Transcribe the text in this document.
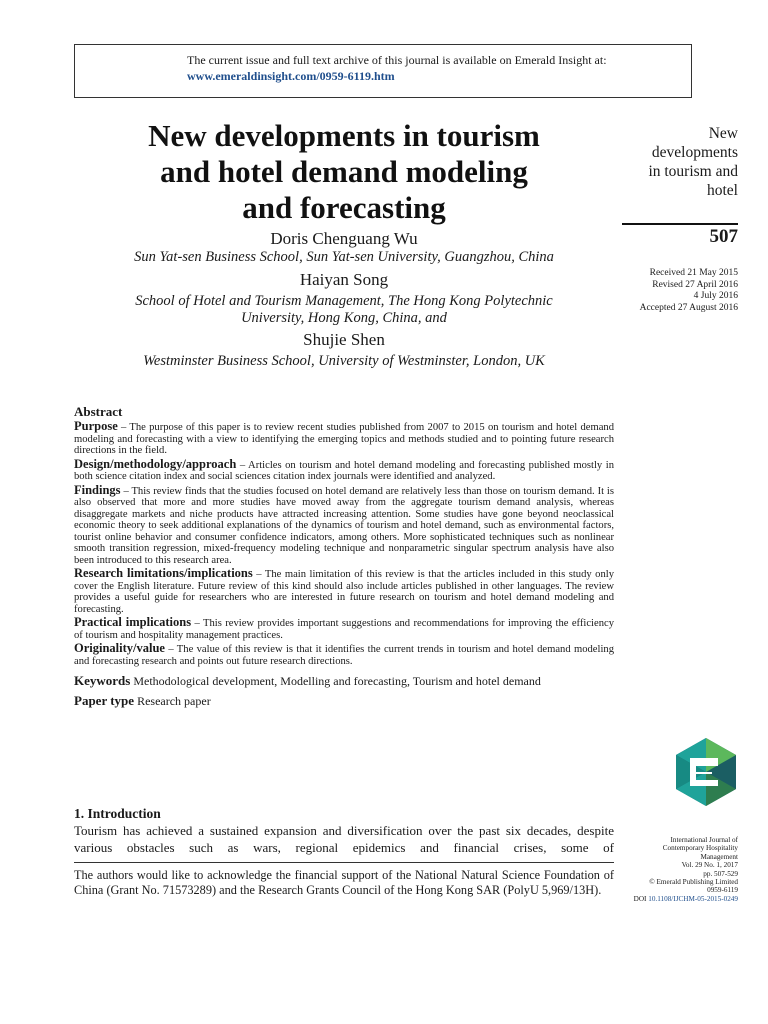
The current issue and full text archive of this journal is available on Emerald Insight at:
www.emeraldinsight.com/0959-6119.htm
New developments in tourism
and hotel demand modeling
and forecasting
Doris Chenguang Wu
Sun Yat-sen Business School, Sun Yat-sen University, Guangzhou, China
Haiyan Song
School of Hotel and Tourism Management, The Hong Kong Polytechnic
University, Hong Kong, China, and
Shujie Shen
Westminster Business School, University of Westminster, London, UK
New
developments
in tourism and
hotel
507
Received 21 May 2015
Revised 27 April 2016
4 July 2016
Accepted 27 August 2016
Abstract

Purpose – The purpose of this paper is to review recent studies published from 2007 to 2015 on tourism and hotel demand modeling and forecasting with a view to identifying the emerging topics and methods studied and to pointing future research directions in the field.

Design/methodology/approach – Articles on tourism and hotel demand modeling and forecasting published mostly in both science citation index and social sciences citation index journals were identified and analyzed.

Findings – This review finds that the studies focused on hotel demand are relatively less than those on tourism demand. It is also observed that more and more studies have moved away from the aggregate tourism demand analysis, whereas disaggregate markets and niche products have attracted increasing attention. Some studies have gone beyond neoclassical economic theory to seek additional explanations of the dynamics of tourism and hotel demand, such as environmental factors, tourist online behavior and consumer confidence indicators, among others. More sophisticated techniques such as nonlinear smooth transition regression, mixed-frequency modeling technique and nonparametric singular spectrum analysis have also been introduced to this research area.

Research limitations/implications – The main limitation of this review is that the articles included in this study only cover the English literature. Future review of this kind should also include articles published in other languages. The review provides a useful guide for researchers who are interested in future research on tourism and hotel demand modeling and forecasting.

Practical implications – This review provides important suggestions and recommendations for improving the efficiency of tourism and hospitality management practices.

Originality/value – The value of this review is that it identifies the current trends in tourism and hotel demand modeling and forecasting research and points out future research directions.

Keywords Methodological development, Modelling and forecasting, Tourism and hotel demand
Paper type Research paper
1. Introduction
Tourism has achieved a sustained expansion and diversification over the past six decades, despite various obstacles such as wars, regional epidemics and financial crises, some of
The authors would like to acknowledge the financial support of the National Natural Science Foundation of China (Grant No. 71573289) and the Research Grants Council of the Hong Kong SAR (PolyU 5,969/13H).
International Journal of
Contemporary Hospitality
Management
Vol. 29 No. 1, 2017
pp. 507-529
© Emerald Publishing Limited
0959-6119
DOI 10.1108/IJCHM-05-2015-0249
